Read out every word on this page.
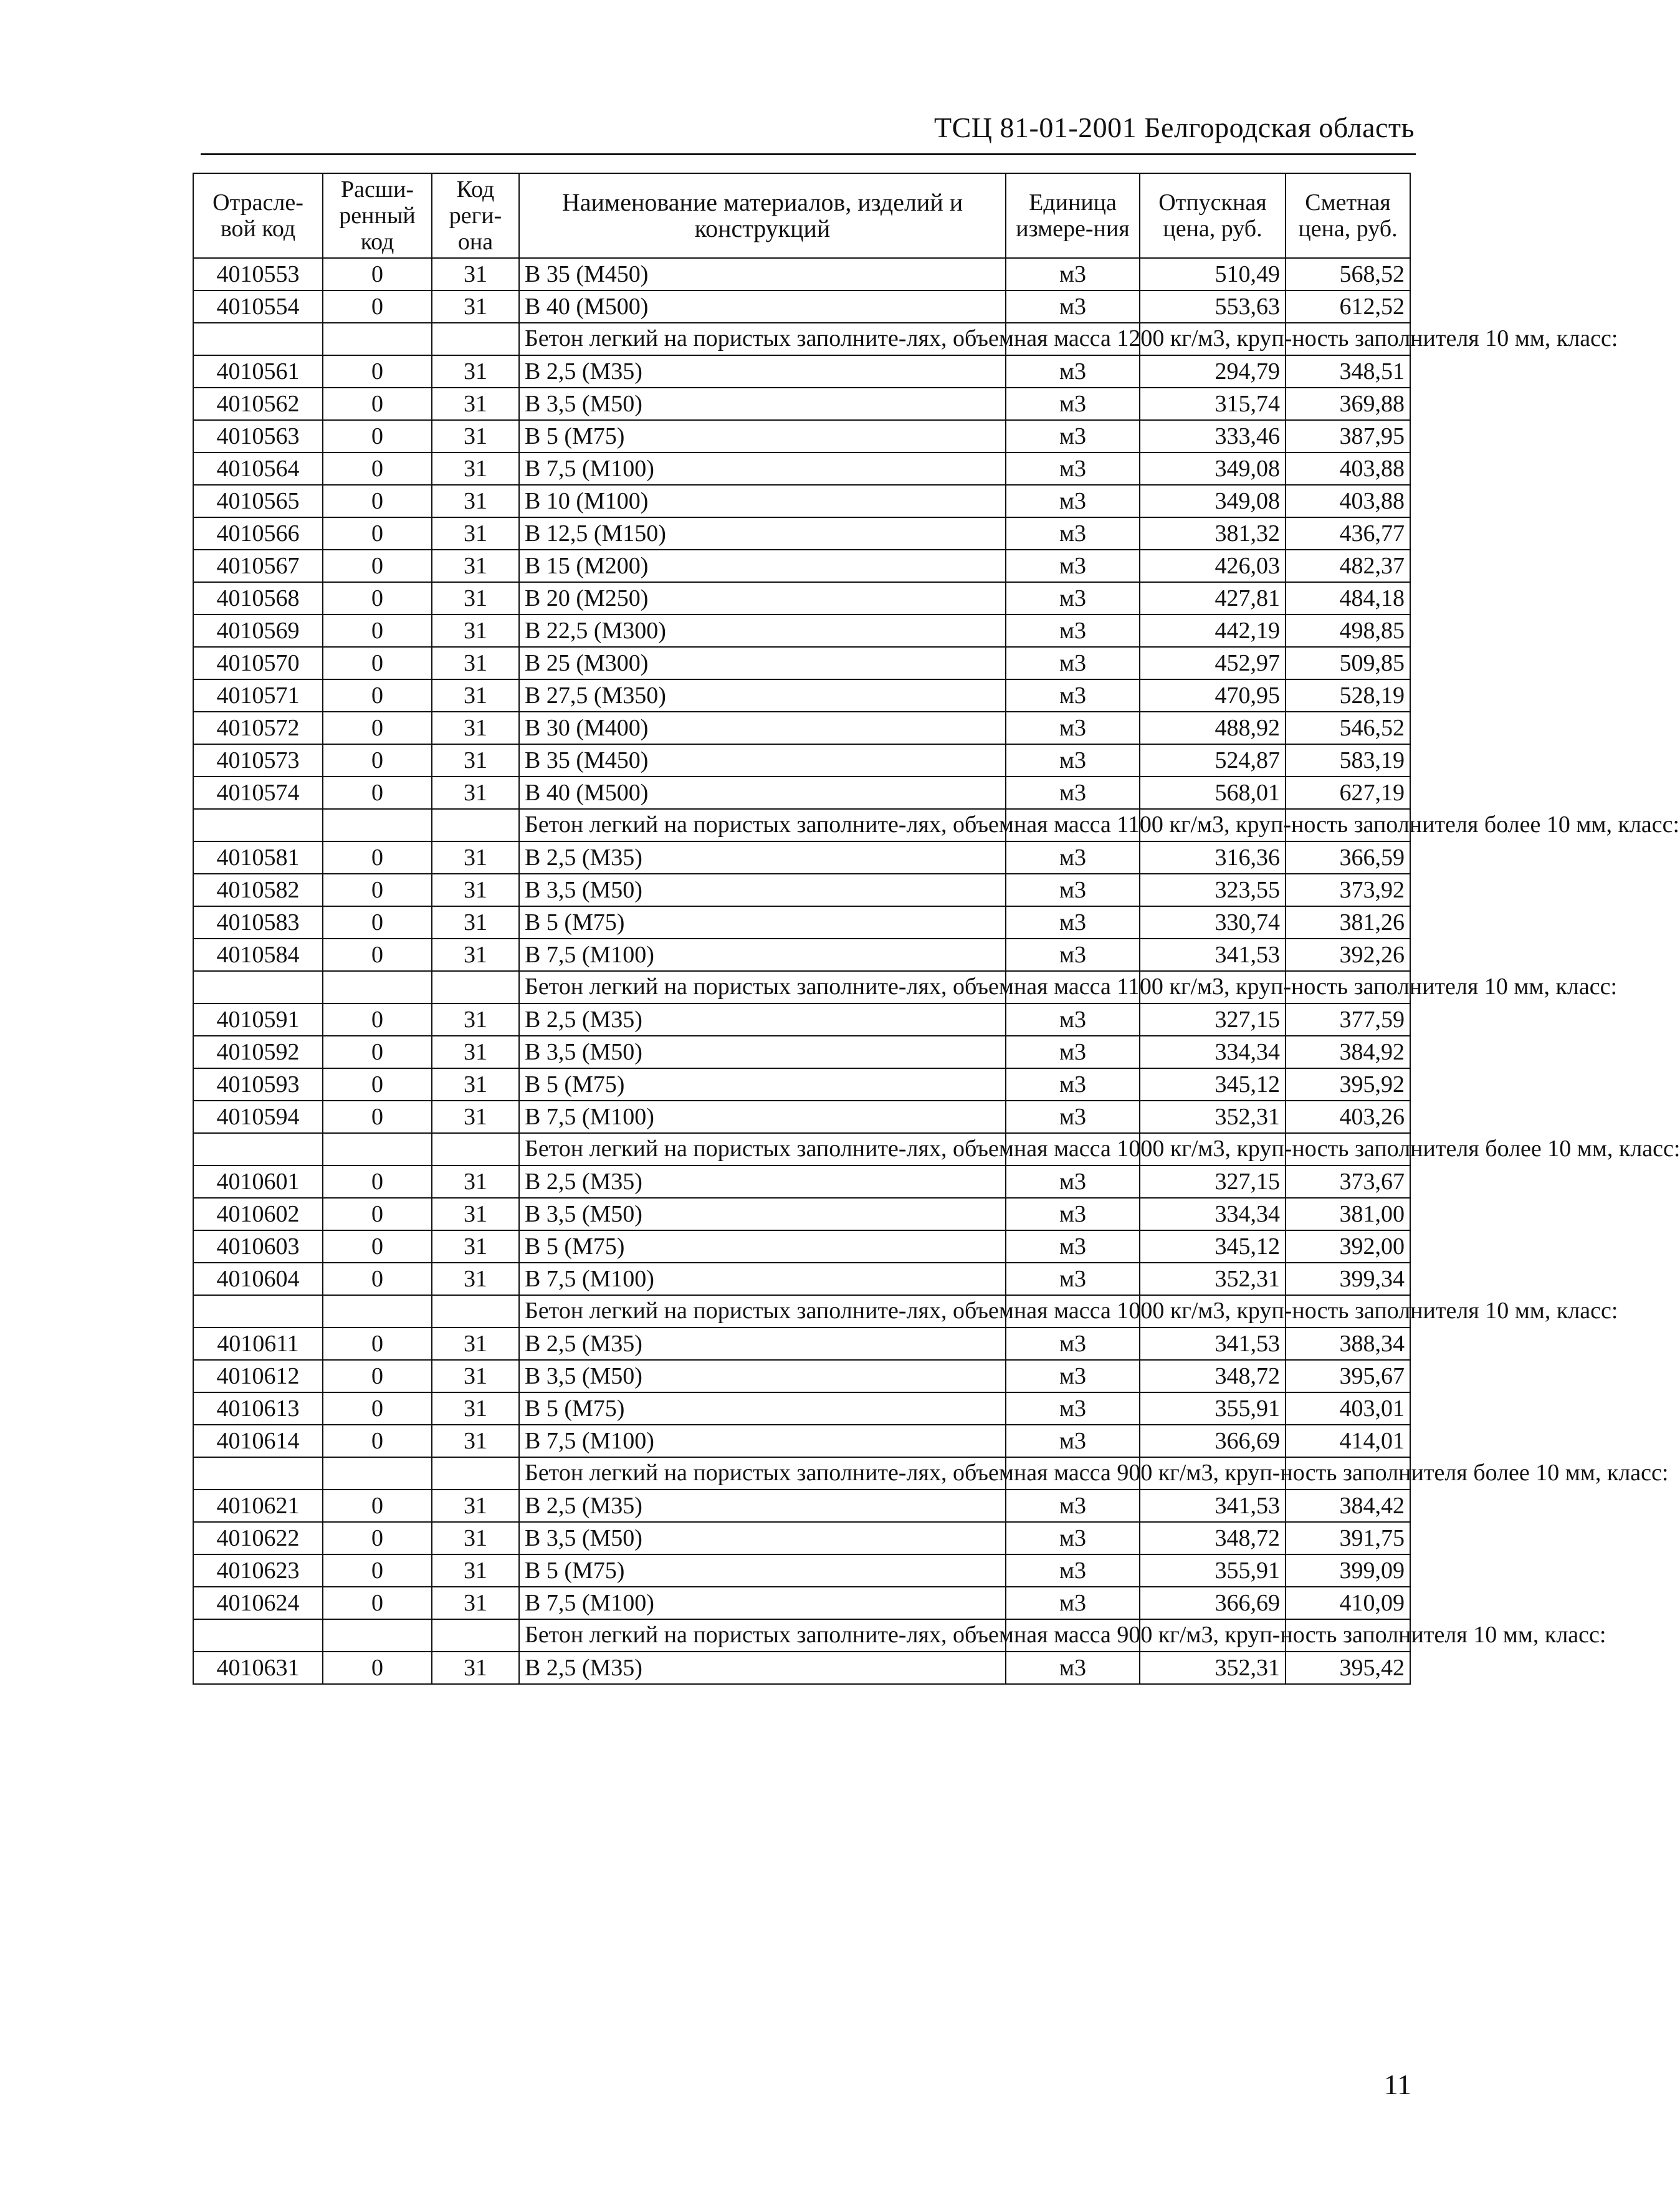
ТСЦ 81-01-2001 Белгородская область
Отрасле-вой код	Расши-ренный код	Код реги-она	Наименование материалов, изделий и конструкций	Единица измере-ния	Отпускная цена, руб.	Сметная цена, руб.
4010553	0	31	В 35 (М450)	м3	510,49	568,52
4010554	0	31	В 40 (М500)	м3	553,63	612,52
			Бетон легкий на пористых заполните-лях, объемная масса 1200 кг/м3, круп-ность заполнителя 10 мм, класс:			
4010561	0	31	В 2,5 (М35)	м3	294,79	348,51
4010562	0	31	В 3,5 (М50)	м3	315,74	369,88
4010563	0	31	В 5 (М75)	м3	333,46	387,95
4010564	0	31	В 7,5 (М100)	м3	349,08	403,88
4010565	0	31	В 10 (М100)	м3	349,08	403,88
4010566	0	31	В 12,5 (М150)	м3	381,32	436,77
4010567	0	31	В 15 (М200)	м3	426,03	482,37
4010568	0	31	В 20 (М250)	м3	427,81	484,18
4010569	0	31	В 22,5 (М300)	м3	442,19	498,85
4010570	0	31	В 25 (М300)	м3	452,97	509,85
4010571	0	31	В 27,5 (М350)	м3	470,95	528,19
4010572	0	31	В 30 (М400)	м3	488,92	546,52
4010573	0	31	В 35 (М450)	м3	524,87	583,19
4010574	0	31	В 40 (М500)	м3	568,01	627,19
			Бетон легкий на пористых заполните-лях, объемная масса 1100 кг/м3, круп-ность заполнителя более 10 мм, класс:			
4010581	0	31	В 2,5 (М35)	м3	316,36	366,59
4010582	0	31	В 3,5 (М50)	м3	323,55	373,92
4010583	0	31	В 5 (М75)	м3	330,74	381,26
4010584	0	31	В 7,5 (М100)	м3	341,53	392,26
			Бетон легкий на пористых заполните-лях, объемная масса 1100 кг/м3, круп-ность заполнителя 10 мм, класс:			
4010591	0	31	В 2,5 (М35)	м3	327,15	377,59
4010592	0	31	В 3,5 (М50)	м3	334,34	384,92
4010593	0	31	В 5 (М75)	м3	345,12	395,92
4010594	0	31	В 7,5 (М100)	м3	352,31	403,26
			Бетон легкий на пористых заполните-лях, объемная масса 1000 кг/м3, круп-ность заполнителя более 10 мм, класс:			
4010601	0	31	В 2,5 (М35)	м3	327,15	373,67
4010602	0	31	В 3,5 (М50)	м3	334,34	381,00
4010603	0	31	В 5 (М75)	м3	345,12	392,00
4010604	0	31	В 7,5 (М100)	м3	352,31	399,34
			Бетон легкий на пористых заполните-лях, объемная масса 1000 кг/м3, круп-ность заполнителя 10 мм, класс:			
4010611	0	31	В 2,5 (М35)	м3	341,53	388,34
4010612	0	31	В 3,5 (М50)	м3	348,72	395,67
4010613	0	31	В 5 (М75)	м3	355,91	403,01
4010614	0	31	В 7,5 (М100)	м3	366,69	414,01
			Бетон легкий на пористых заполните-лях, объемная масса 900 кг/м3, круп-ность заполнителя более 10 мм, класс:			
4010621	0	31	В 2,5 (М35)	м3	341,53	384,42
4010622	0	31	В 3,5 (М50)	м3	348,72	391,75
4010623	0	31	В 5 (М75)	м3	355,91	399,09
4010624	0	31	В 7,5 (М100)	м3	366,69	410,09
			Бетон легкий на пористых заполните-лях, объемная масса 900 кг/м3, круп-ность заполнителя 10 мм, класс:			
4010631	0	31	В 2,5 (М35)	м3	352,31	395,42
11
